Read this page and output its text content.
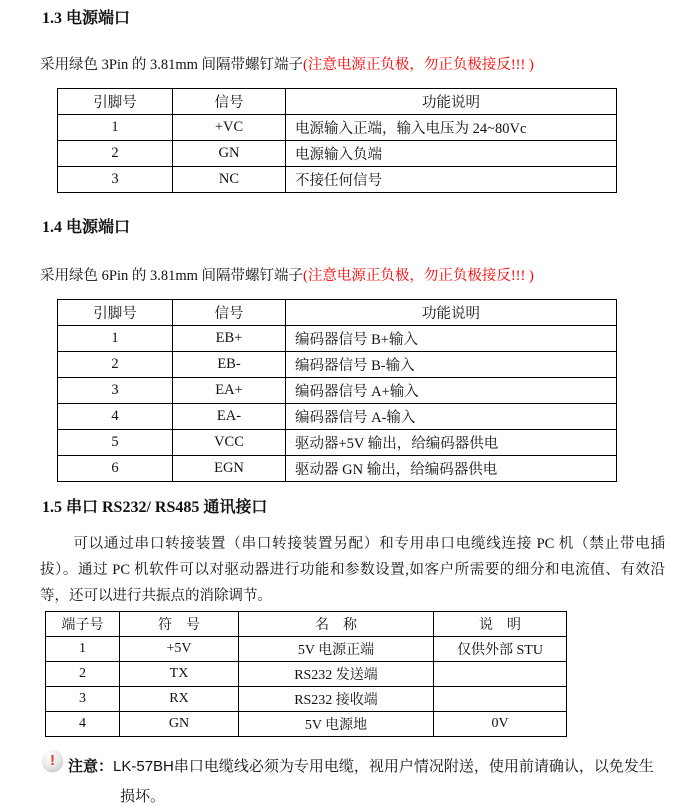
1.3 电源端口

采用绿色 3Pin 的 3.81mm 间隔带螺钉端子(注意电源正负极，勿正负极接反!!! )

引脚号	信号	功能说明
1	+VC	电源输入正端，输入电压为 24~80Vc
2	GN	电源输入负端
3	NC	不接任何信号
1.4 电源端口

采用绿色 6Pin 的 3.81mm 间隔带螺钉端子(注意电源正负极，勿正负极接反!!! )

引脚号	信号	功能说明
1	EB+	编码器信号 B+输入
2	EB-	编码器信号 B-输入
3	EA+	编码器信号 A+输入
4	EA-	编码器信号 A-输入
5	VCC	驱动器+5V 输出，给编码器供电
6	EGN	驱动器 GN 输出，给编码器供电
1.5 串口 RS232/ RS485 通讯接口

可以通过串口转接装置（串口转接装置另配）和专用串口电缆线连接 PC 机（禁止带电插拔）。通过 PC 机软件可以对驱动器进行功能和参数设置,如客户所需要的细分和电流值、有效沿等，还可以进行共振点的消除调节。

端子号	符　号	名　称	说　明
1	+5V	5V 电源正端	仅供外部 STU
2	TX	RS232 发送端	
3	RX	RS232 接收端	
4	GN	5V 电源地	0V
! 注意：LK-57BH串口电缆线必须为专用电缆，视用户情况附送，使用前请确认，以免发生损坏。
